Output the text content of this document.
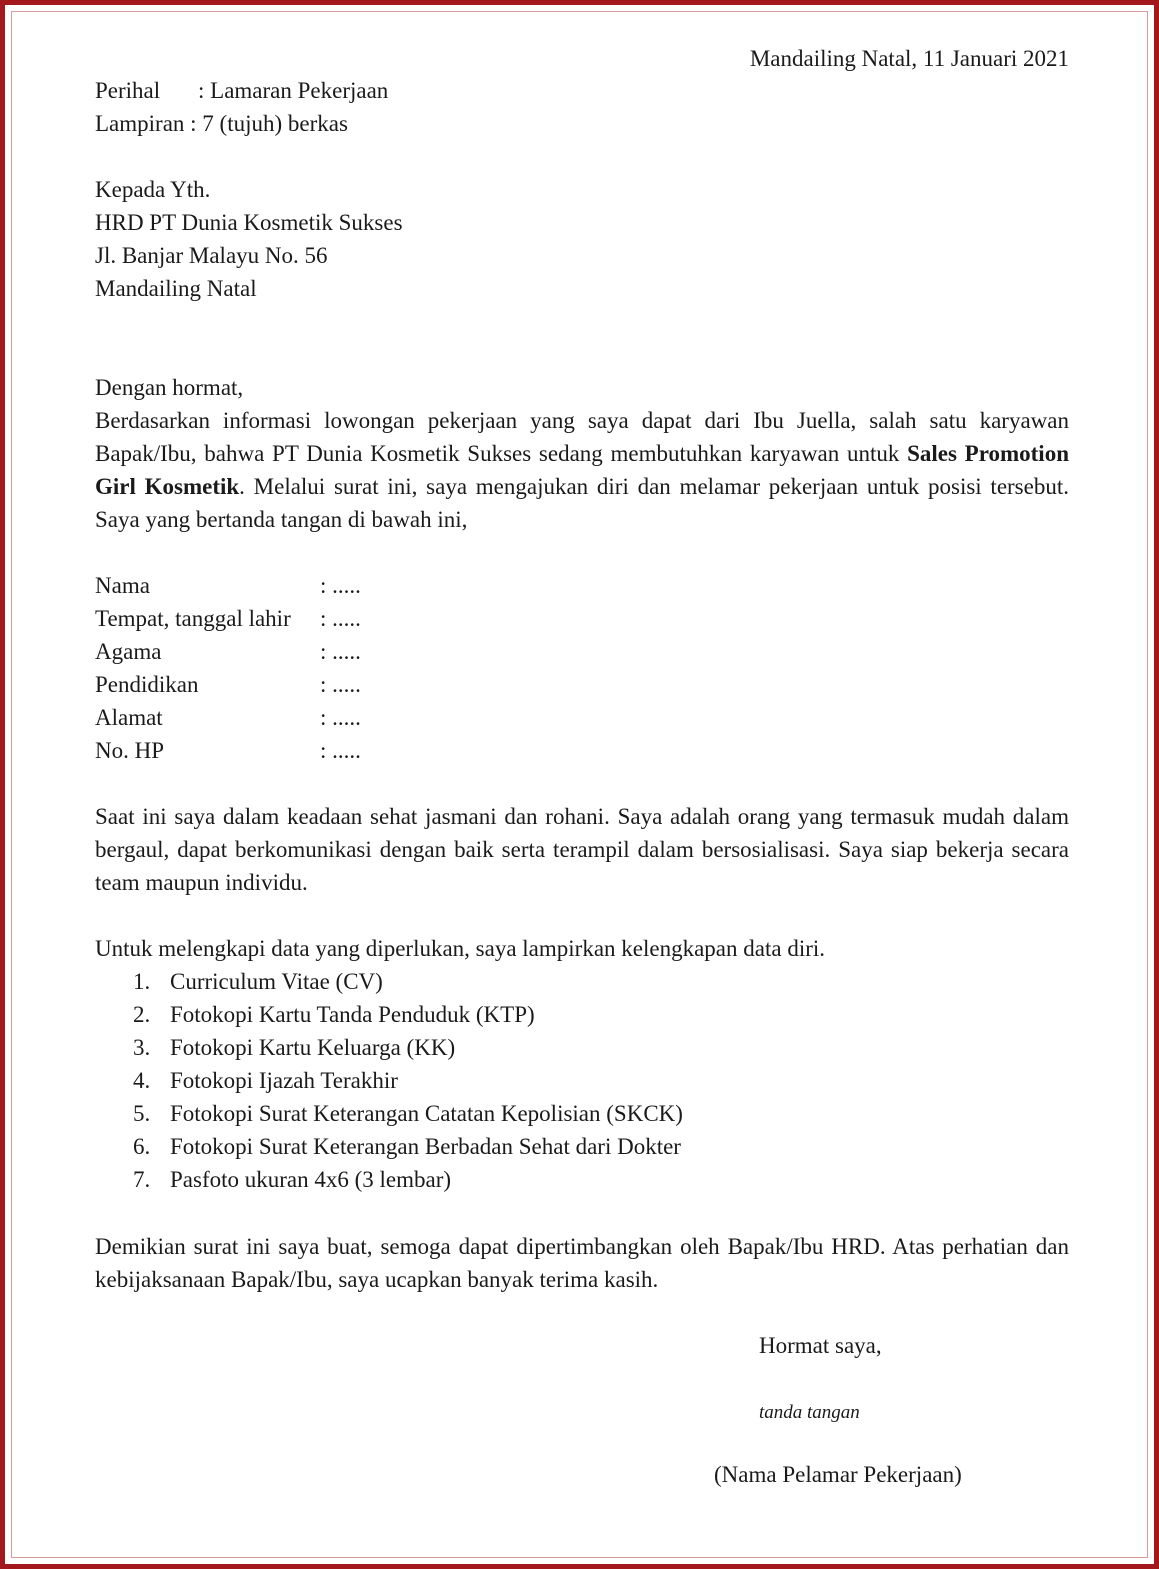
Mandailing Natal, 11 Januari 2021
Perihal : Lamaran Pekerjaan
Lampiran : 7 (tujuh) berkas
Kepada Yth.
HRD PT Dunia Kosmetik Sukses
Jl. Banjar Malayu No. 56
Mandailing Natal
Dengan hormat,
Berdasarkan informasi lowongan pekerjaan yang saya dapat dari Ibu Juella, salah satu karyawan Bapak/Ibu, bahwa PT Dunia Kosmetik Sukses sedang membutuhkan karyawan untuk Sales Promotion Girl Kosmetik. Melalui surat ini, saya mengajukan diri dan melamar pekerjaan untuk posisi tersebut. Saya yang bertanda tangan di bawah ini,
Nama	: .....
Tempat, tanggal lahir : .....
Agama	: .....
Pendidikan	: .....
Alamat	: .....
No. HP	: .....
Saat ini saya dalam keadaan sehat jasmani dan rohani. Saya adalah orang yang termasuk mudah dalam bergaul, dapat berkomunikasi dengan baik serta terampil dalam bersosialisasi. Saya siap bekerja secara team maupun individu.
Untuk melengkapi data yang diperlukan, saya lampirkan kelengkapan data diri.
1. Curriculum Vitae (CV)
2. Fotokopi Kartu Tanda Penduduk (KTP)
3. Fotokopi Kartu Keluarga (KK)
4. Fotokopi Ijazah Terakhir
5. Fotokopi Surat Keterangan Catatan Kepolisian (SKCK)
6. Fotokopi Surat Keterangan Berbadan Sehat dari Dokter
7. Pasfoto ukuran 4x6 (3 lembar)
Demikian surat ini saya buat, semoga dapat dipertimbangkan oleh Bapak/Ibu HRD. Atas perhatian dan kebijaksanaan Bapak/Ibu, saya ucapkan banyak terima kasih.
Hormat saya,
tanda tangan
(Nama Pelamar Pekerjaan)
